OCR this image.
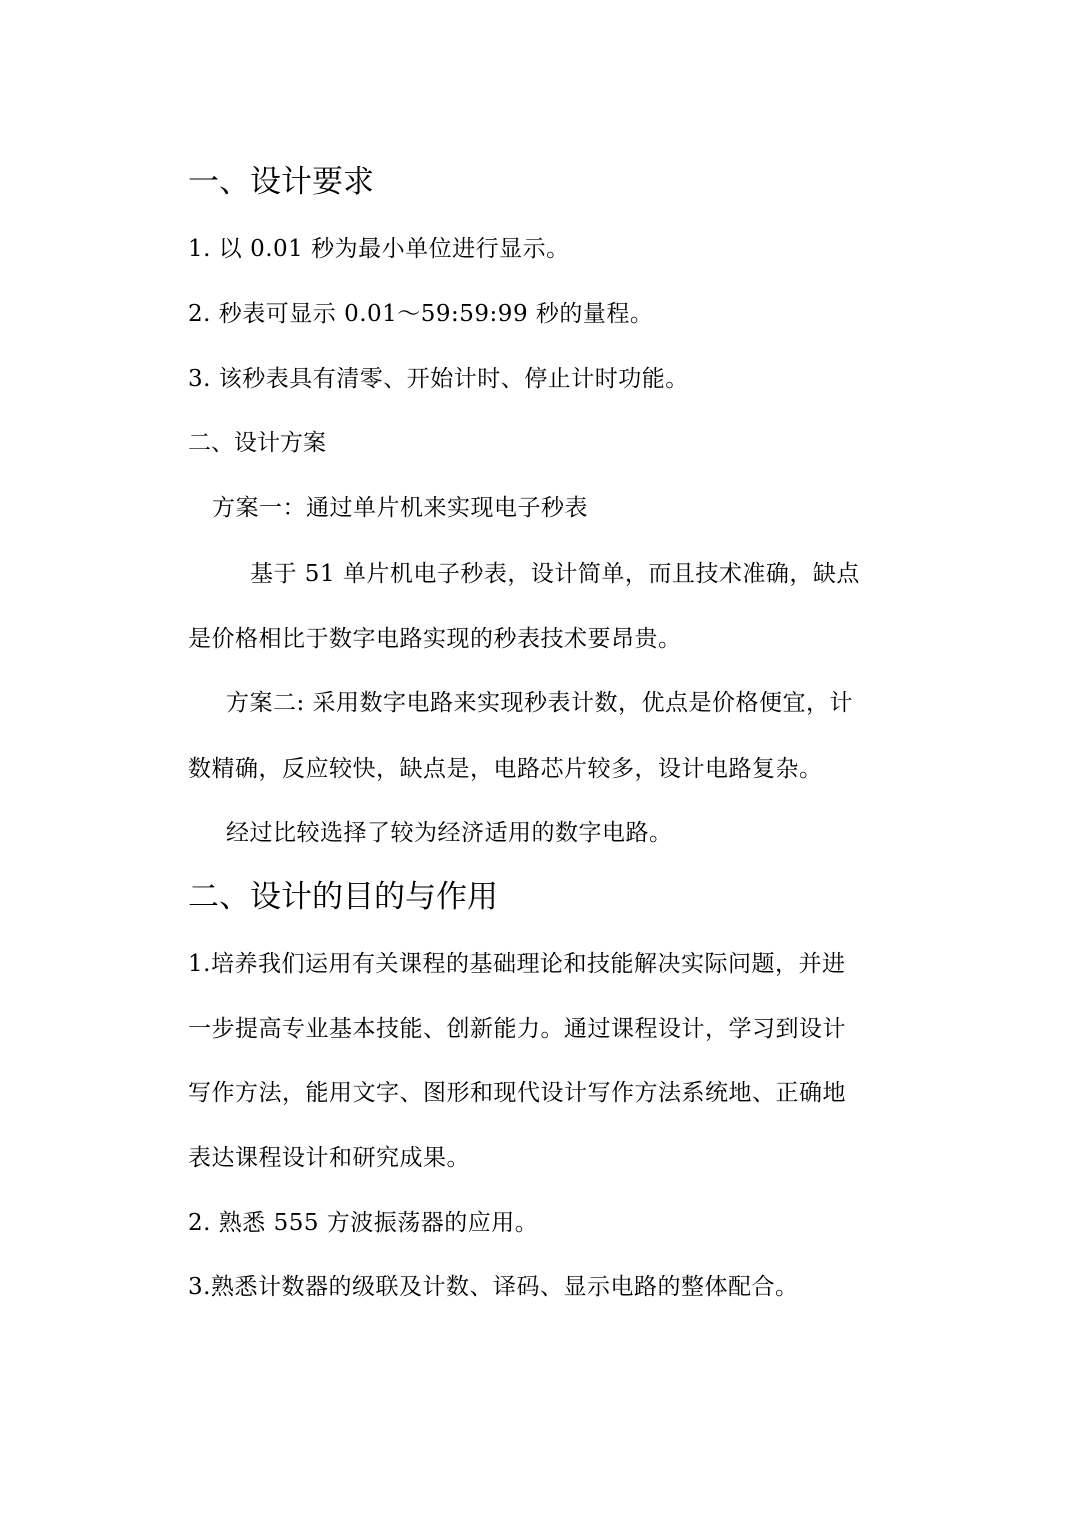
一、设计要求
1. 以 0.01 秒为最小单位进行显示。
2. 秒表可显示 0.01～59:59:99 秒的量程。
3. 该秒表具有清零、开始计时、停止计时功能。
二、设计方案
方案一：通过单片机来实现电子秒表
基于 51 单片机电子秒表，设计简单，而且技术准确，缺点
是价格相比于数字电路实现的秒表技术要昂贵。
方案二: 采用数字电路来实现秒表计数，优点是价格便宜，计
数精确，反应较快，缺点是，电路芯片较多，设计电路复杂。
经过比较选择了较为经济适用的数字电路。
二、设计的目的与作用
1.培养我们运用有关课程的基础理论和技能解决实际问题，并进
一步提高专业基本技能、创新能力。通过课程设计，学习到设计
写作方法，能用文字、图形和现代设计写作方法系统地、正确地
表达课程设计和研究成果。
2. 熟悉 555 方波振荡器的应用。
3.熟悉计数器的级联及计数、译码、显示电路的整体配合。
